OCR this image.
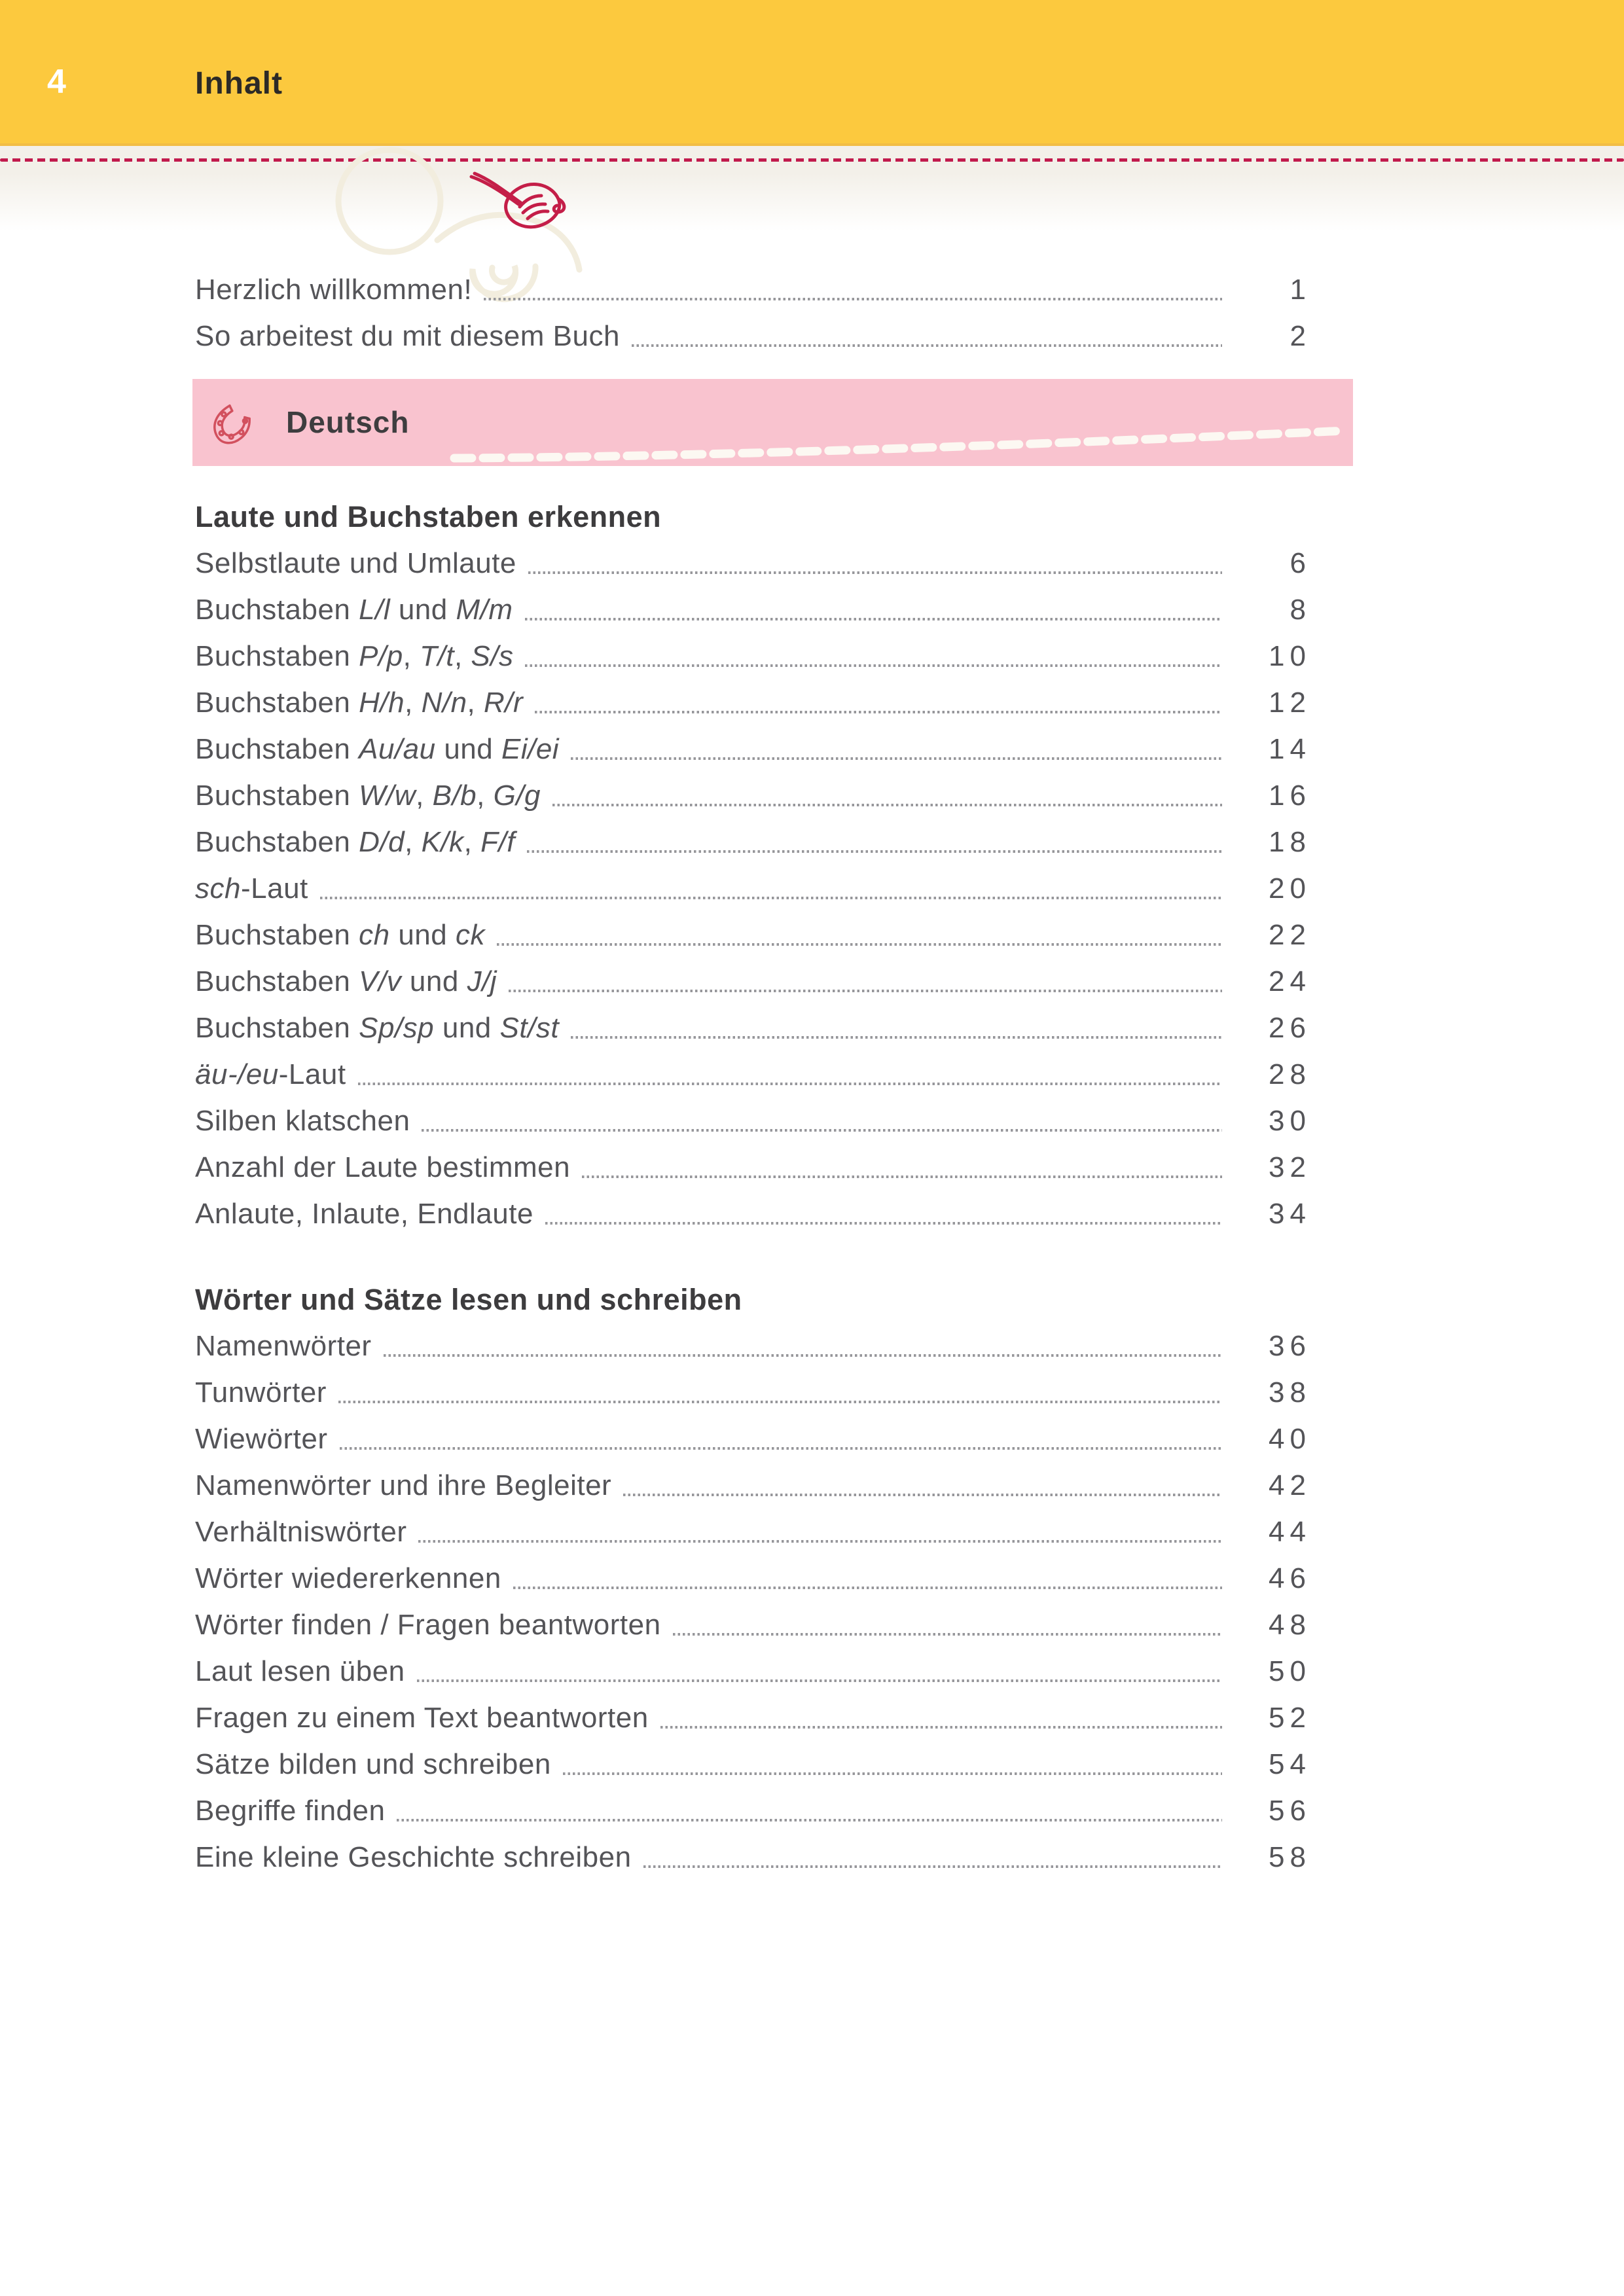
4	Inhalt
Herzlich willkommen!	1
So arbeitest du mit diesem Buch	2
Deutsch
Laute und Buchstaben erkennen
Selbstlaute und Umlaute	6
Buchstaben L/l und M/m	8
Buchstaben P/p, T/t, S/s	10
Buchstaben H/h, N/n, R/r	12
Buchstaben Au/au und Ei/ei	14
Buchstaben W/w, B/b, G/g	16
Buchstaben D/d, K/k, F/f	18
sch-Laut	20
Buchstaben ch und ck	22
Buchstaben V/v und J/j	24
Buchstaben Sp/sp und St/st	26
äu-/eu-Laut	28
Silben klatschen	30
Anzahl der Laute bestimmen	32
Anlaute, Inlaute, Endlaute	34
Wörter und Sätze lesen und schreiben
Namenwörter	36
Tunwörter	38
Wiewörter	40
Namenwörter und ihre Begleiter	42
Verhältniswörter	44
Wörter wiedererkennen	46
Wörter finden / Fragen beantworten	48
Laut lesen üben	50
Fragen zu einem Text beantworten	52
Sätze bilden und schreiben	54
Begriffe finden	56
Eine kleine Geschichte schreiben	58
